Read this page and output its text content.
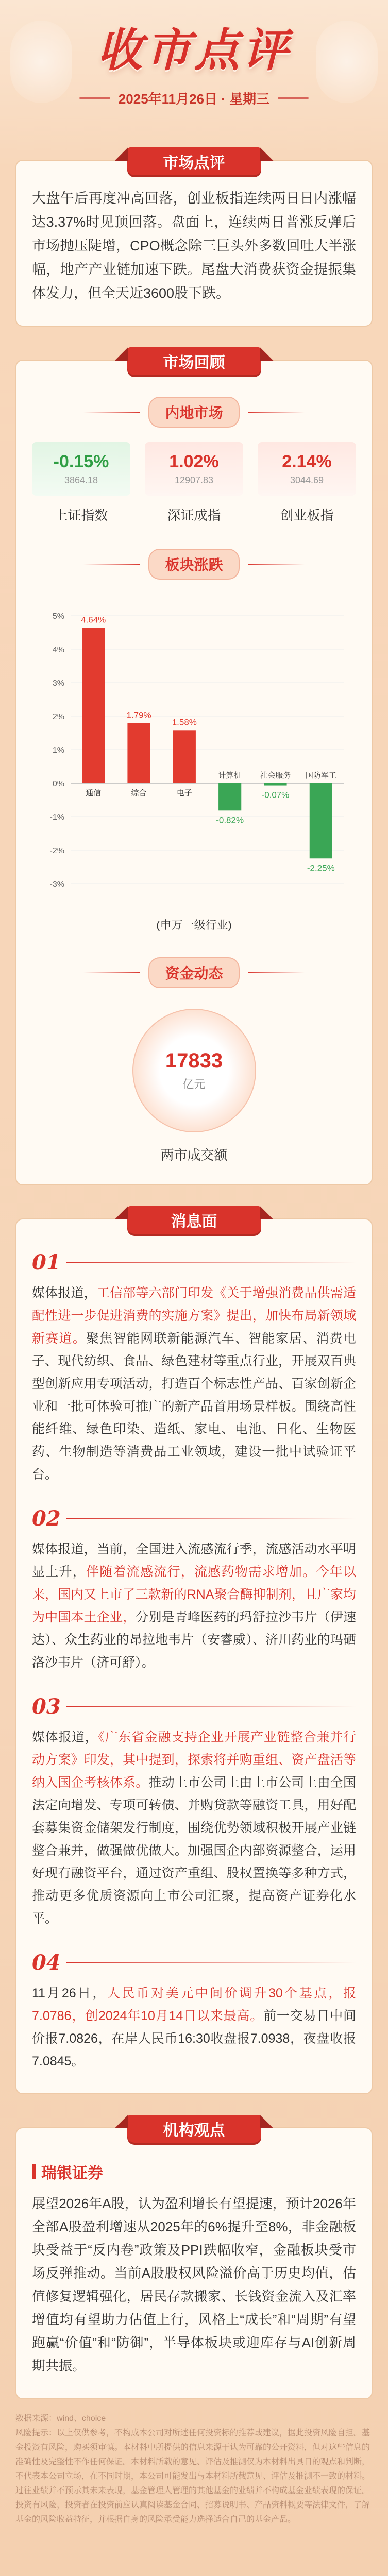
收市点评
2025年11月26日 · 星期三
市场点评
大盘午后再度冲高回落，创业板指连续两日日内涨幅达3.37%时见顶回落。盘面上，连续两日普涨反弹后市场抛压陡增，CPO概念除三巨头外多数回吐大半涨幅，地产产业链加速下跌。尾盘大消费获资金提振集体发力，但全天近3600股下跌。
市场回顾
内地市场
-0.15%
3864.18
上证指数
1.02%
12907.83
深证成指
2.14%
3044.69
创业板指
板块涨跌
5%
4%
3%
2%
1%
0%
-1%
-2%
-3%
4.64%
通信
1.79%
综合
1.58%
电子
-0.82%
计算机
-0.07%
社会服务
-2.25%
国防军工
(申万一级行业)
资金动态
17833
亿元
两市成交额
消息面
01
媒体报道，工信部等六部门印发《关于增强消费品供需适配性进一步促进消费的实施方案》提出，加快布局新领域新赛道。聚焦智能网联新能源汽车、智能家居、消费电子、现代纺织、食品、绿色建材等重点行业，开展双百典型创新应用专项活动，打造百个标志性产品、百家创新企业和一批可体验可推广的新产品首用场景样板。围绕高性能纤维、绿色印染、造纸、家电、电池、日化、生物医药、生物制造等消费品工业领域，建设一批中试验证平台。
02
媒体报道，当前，全国进入流感流行季，流感活动水平明显上升，伴随着流感流行，流感药物需求增加。今年以来，国内又上市了三款新的RNA聚合酶抑制剂，且广家均为中国本土企业，分别是青峰医药的玛舒拉沙韦片（伊速达）、众生药业的昂拉地韦片（安睿威）、济川药业的玛硒洛沙韦片（济可舒）。
03
媒体报道，《广东省金融支持企业开展产业链整合兼并行动方案》印发，其中提到，探索将并购重组、资产盘活等纳入国企考核体系。推动上市公司上由上市公司上由全国法定向增发、专项可转债、并购贷款等融资工具，用好配套募集资金储架发行制度，围绕优势领域积极开展产业链整合兼并，做强做优做大。加强国企内部资源整合，运用好现有融资平台，通过资产重组、股权置换等多种方式，推动更多优质资源向上市公司汇聚，提高资产证券化水平。
04
11月26日，人民币对美元中间价调升30个基点，报7.0786，创2024年10月14日以来最高。前一交易日中间价报7.0826，在岸人民币16:30收盘报7.0938，夜盘收报7.0845。
机构观点
瑞银证券
展望2026年A股，认为盈利增长有望提速，预计2026年全部A股盈利增速从2025年的6%提升至8%，非金融板块受益于“反内卷”政策及PPI跌幅收窄，金融板块受市场反弹推动。当前A股股权风险溢价高于历史均值，估值修复逻辑强化，居民存款搬家、长钱资金流入及汇率增值均有望助力估值上行，风格上“成长”和“周期”有望跑赢“价值”和“防御”，半导体板块或迎库存与AI创新周期共振。
数据来源：wind、choice
风险提示：以上仅供参考，不构成本公司对所述任何投资标的推荐或建议，据此投资风险自担。基金投资有风险，购买须审慎。本材料中所提供的信息来源于认为可靠的公开资料，但对这些信息的准确性及完整性不作任何保证。本材料所载的意见、评估及推测仅为本材料出具日的观点和判断，不代表本公司立场，在不同时期，本公司可能发出与本材料所载意见、评估及推测不一致的材料。过往业绩并不预示其未来表现，基金管理人管理的其他基金的业绩并不构成基金业绩表现的保证。投资有风险，投资者在投资前应认真阅读基金合同、招募说明书、产品资料概要等法律文件，了解基金的风险收益特征，并根据自身的风险承受能力选择适合自己的基金产品。
